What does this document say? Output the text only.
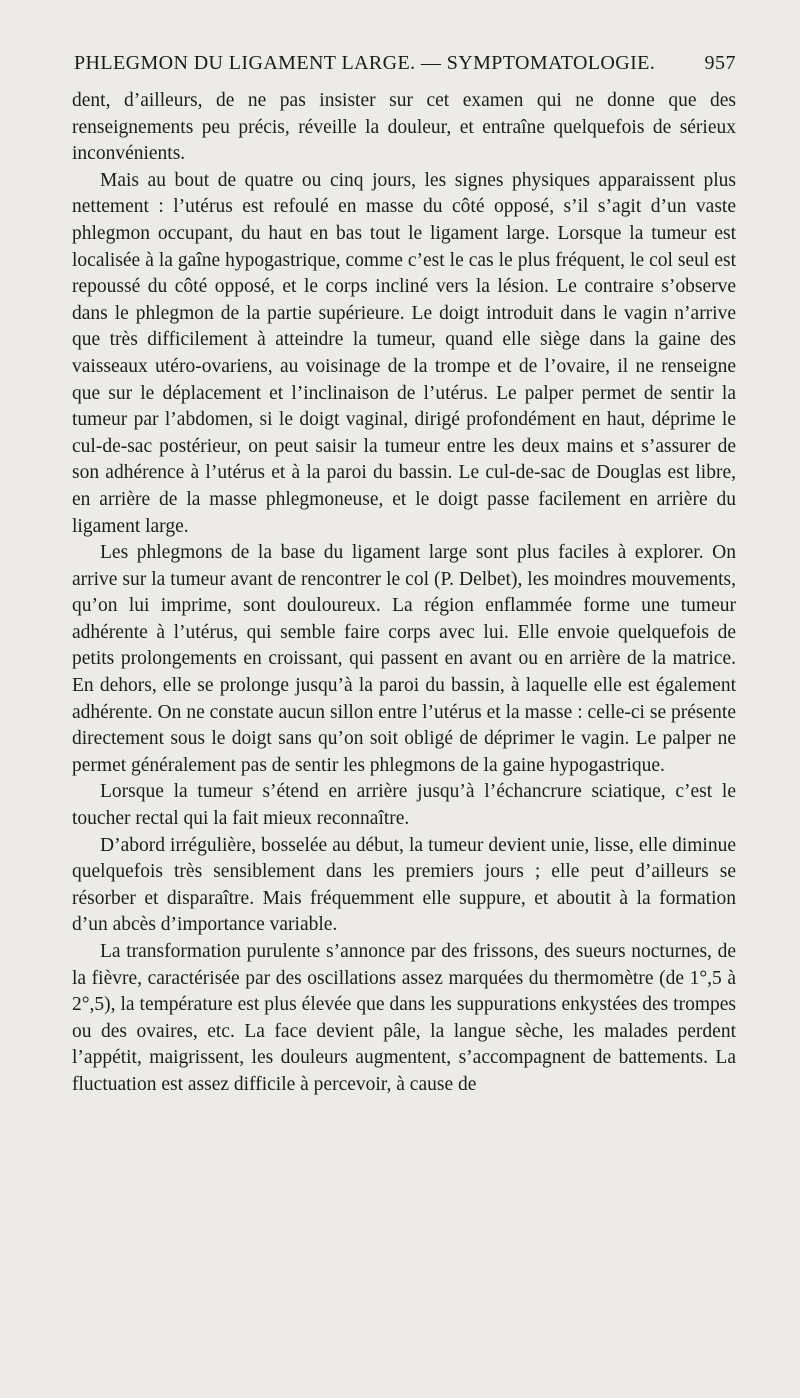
PHLEGMON DU LIGAMENT LARGE. — SYMPTOMATOLOGIE. 957

dent, d’ailleurs, de ne pas insister sur cet examen qui ne donne que des renseignements peu précis, réveille la douleur, et entraîne quelquefois de sérieux inconvénients.

Mais au bout de quatre ou cinq jours, les signes physiques apparaissent plus nettement : l’utérus est refoulé en masse du côté opposé, s’il s’agit d’un vaste phlegmon occupant, du haut en bas tout le ligament large. Lorsque la tumeur est localisée à la gaîne hypogastrique, comme c’est le cas le plus fréquent, le col seul est repoussé du côté opposé, et le corps incliné vers la lésion. Le contraire s’observe dans le phlegmon de la partie supérieure. Le doigt introduit dans le vagin n’arrive que très difficilement à atteindre la tumeur, quand elle siège dans la gaine des vaisseaux utéro-ovariens, au voisinage de la trompe et de l’ovaire, il ne renseigne que sur le déplacement et l’inclinaison de l’utérus. Le palper permet de sentir la tumeur par l’abdomen, si le doigt vaginal, dirigé profondément en haut, déprime le cul-de-sac postérieur, on peut saisir la tumeur entre les deux mains et s’assurer de son adhérence à l’utérus et à la paroi du bassin. Le cul-de-sac de Douglas est libre, en arrière de la masse phlegmoneuse, et le doigt passe facilement en arrière du ligament large.

Les phlegmons de la base du ligament large sont plus faciles à explorer. On arrive sur la tumeur avant de rencontrer le col (P. Delbet), les moindres mouvements, qu’on lui imprime, sont douloureux. La région enflammée forme une tumeur adhérente à l’utérus, qui semble faire corps avec lui. Elle envoie quelquefois de petits prolongements en croissant, qui passent en avant ou en arrière de la matrice. En dehors, elle se prolonge jusqu’à la paroi du bassin, à laquelle elle est également adhérente. On ne constate aucun sillon entre l’utérus et la masse : celle-ci se présente directement sous le doigt sans qu’on soit obligé de déprimer le vagin. Le palper ne permet généralement pas de sentir les phlegmons de la gaine hypogastrique.

Lorsque la tumeur s’étend en arrière jusqu’à l’échancrure sciatique, c’est le toucher rectal qui la fait mieux reconnaître.

D’abord irrégulière, bosselée au début, la tumeur devient unie, lisse, elle diminue quelquefois très sensiblement dans les premiers jours ; elle peut d’ailleurs se résorber et disparaître. Mais fréquemment elle suppure, et aboutit à la formation d’un abcès d’importance variable.

La transformation purulente s’annonce par des frissons, des sueurs nocturnes, de la fièvre, caractérisée par des oscillations assez marquées du thermomètre (de 1°,5 à 2°,5), la température est plus élevée que dans les suppurations enkystées des trompes ou des ovaires, etc. La face devient pâle, la langue sèche, les malades perdent l’appétit, maigrissent, les douleurs augmentent, s’accompagnent de battements. La fluctuation est assez difficile à percevoir, à cause de
